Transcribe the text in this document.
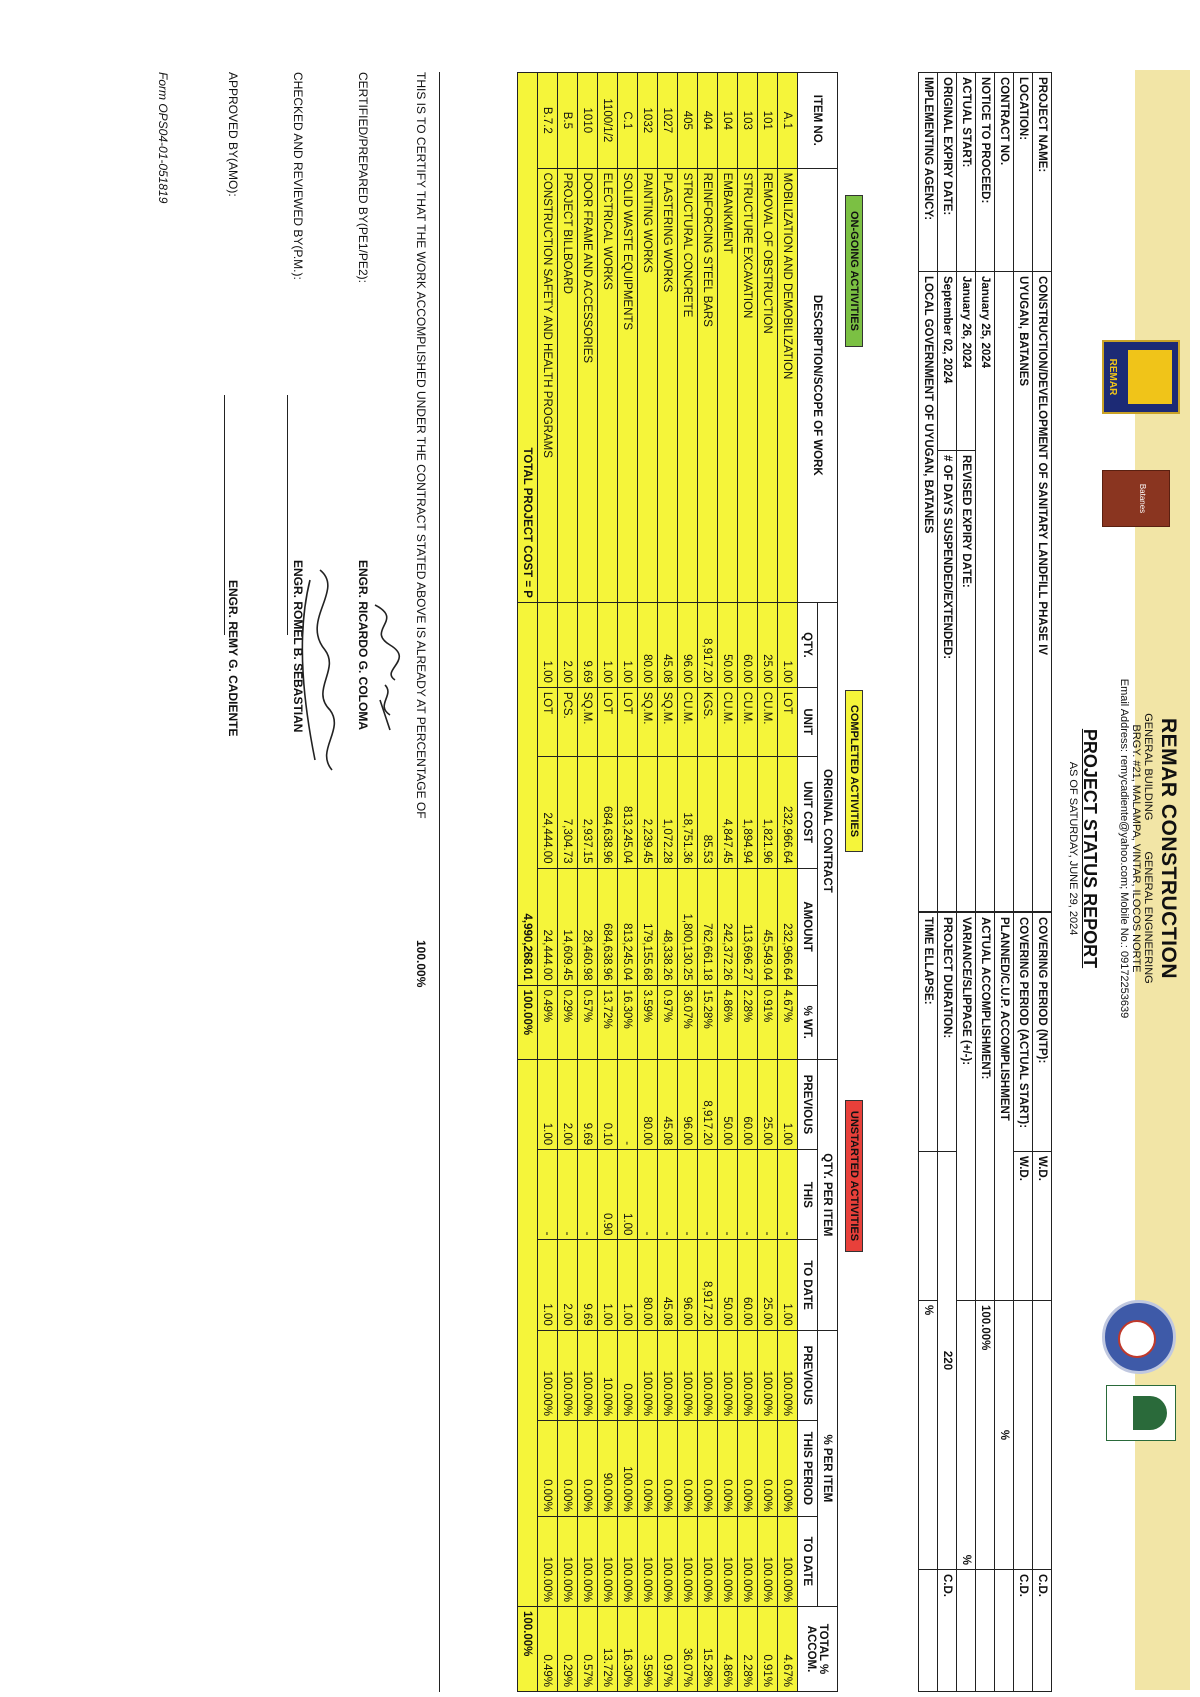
REMAR
Batanes
REMAR CONSTRUCTION
GENERAL BUILDING GENERAL ENGINEERING
BRGY. #21, MALAMPA, VINTAR, ILOCOS NORTE
Email Address: remycadiente@yahoo.com; Mobile No.: 09172253639
PROJECT STATUS REPORT
AS OF SATURDAY, JUNE 29, 2024
PROJECT NAME:	CONSTRUCTION/DEVELOPMENT OF SANITARY LANDFILL PHASE IV	
LOCATION:	UYUGAN, BATANES	
CONTRACT NO.		
NOTICE TO PROCEED:	January 25, 2024	
ACTUAL START:	January 26, 2024	REVISED EXPIRY DATE:
ORIGINAL EXPIRY DATE:	September 02, 2024	# OF DAYS SUSPENDED/EXTENDED:
IMPLEMENTING AGENCY:	LOCAL GOVERNMENT OF UYUGAN, BATANES	
COVERING PERIOD (NTP):	W.D.		C.D.
COVERING PERIOD (ACTUAL START):	W.D.		C.D.
PLANNED/C.U.P. ACCOMPLISHMENT		%	
ACTUAL ACCOMPLISHMENT:		100.00%	
VARIANCE/SLIPPAGE (+/-):		%	
PROJECT DURATION:	220		C.D.
TIME ELLAPSE:		%	
ON-GOING ACTIVITIES
COMPLETED ACTIVITIES
UNSTARTED ACTIVITIES
ITEM NO.	DESCRIPTION/SCOPE OF WORK	ORIGINAL CONTRACT					QTY. PER ITEM			% PER ITEM			TOTAL % ACCOM.
		QTY.	UNIT	UNIT COST	AMOUNT	% WT.	PREVIOUS	THIS	TO DATE	PREVIOUS	THIS PERIOD	TO DATE	
A.1	MOBILIZATION AND DEMOBILIZATION	1.00	LOT	232,966.64	232,966.64	4.67%	1.00	-	1.00	100.00%	0.00%	100.00%	4.67%
101	REMOVAL OF OBSTRUCTION	25.00	CU.M.	1,821.96	45,549.04	0.91%	25.00	-	25.00	100.00%	0.00%	100.00%	0.91%
103	STRUCTURE EXCAVATION	60.00	CU.M.	1,894.94	113,696.27	2.28%	60.00	-	60.00	100.00%	0.00%	100.00%	2.28%
104	EMBANKMENT	50.00	CU.M.	4,847.45	242,372.26	4.86%	50.00	-	50.00	100.00%	0.00%	100.00%	4.86%
404	REINFORCING STEEL BARS	8,917.20	KGS.	85.53	762,661.18	15.28%	8,917.20	-	8,917.20	100.00%	0.00%	100.00%	15.28%
405	STRUCTURAL CONCRETE	96.00	CU.M.	18,751.36	1,800,130.25	36.07%	96.00	-	96.00	100.00%	0.00%	100.00%	36.07%
1027	PLASTERING WORKS	45.08	SQ.M.	1,072.28	48,338.26	0.97%	45.08	-	45.08	100.00%	0.00%	100.00%	0.97%
1032	PAINTING WORKS	80.00	SQ.M.	2,239.45	179,155.68	3.59%	80.00	-	80.00	100.00%	0.00%	100.00%	3.59%
C.1	SOLID WASTE EQUIPMENTS	1.00	LOT	813,245.04	813,245.04	16.30%	-	1.00	1.00	0.00%	100.00%	100.00%	16.30%
1100/1/2	ELECTRICAL WORKS	1.00	LOT	684,638.96	684,638.96	13.72%	0.10	0.90	1.00	10.00%	90.00%	100.00%	13.72%
1010	DOOR FRAME AND ACCESSORIES	9.69	SQ.M.	2,937.15	28,460.98	0.57%	9.69	-	9.69	100.00%	0.00%	100.00%	0.57%
B.5	PROJECT BILLBOARD	2.00	PCS.	7,304.73	14,609.45	0.29%	2.00	-	2.00	100.00%	0.00%	100.00%	0.29%
B.7.2	CONSTRUCTION SAFETY AND HEALTH PROGRAMS	1.00	LOT	24,444.00	24,444.00	0.49%	1.00	-	1.00	100.00%	0.00%	100.00%	0.49%
TOTAL PROJECT COST = P		4,990,268.01				100.00%							100.00%
THIS IS TO CERTIFY THAT THE WORK ACCOMPLISHED UNDER THE CONTRACT STATED ABOVE IS ALREADY AT PERCENTAGE OF
100.00%
CERTIFIED/PREPARED BY(PE1/PE2):
ENGR. RICARDO G. COLOMA
CHECKED AND REVIEWED BY(P.M.):
ENGR. ROMEL B. SEBASTIAN
APPROVED BY(AMO):
ENGR. REMY G. CADIENTE
Form OPS04-01-051819
